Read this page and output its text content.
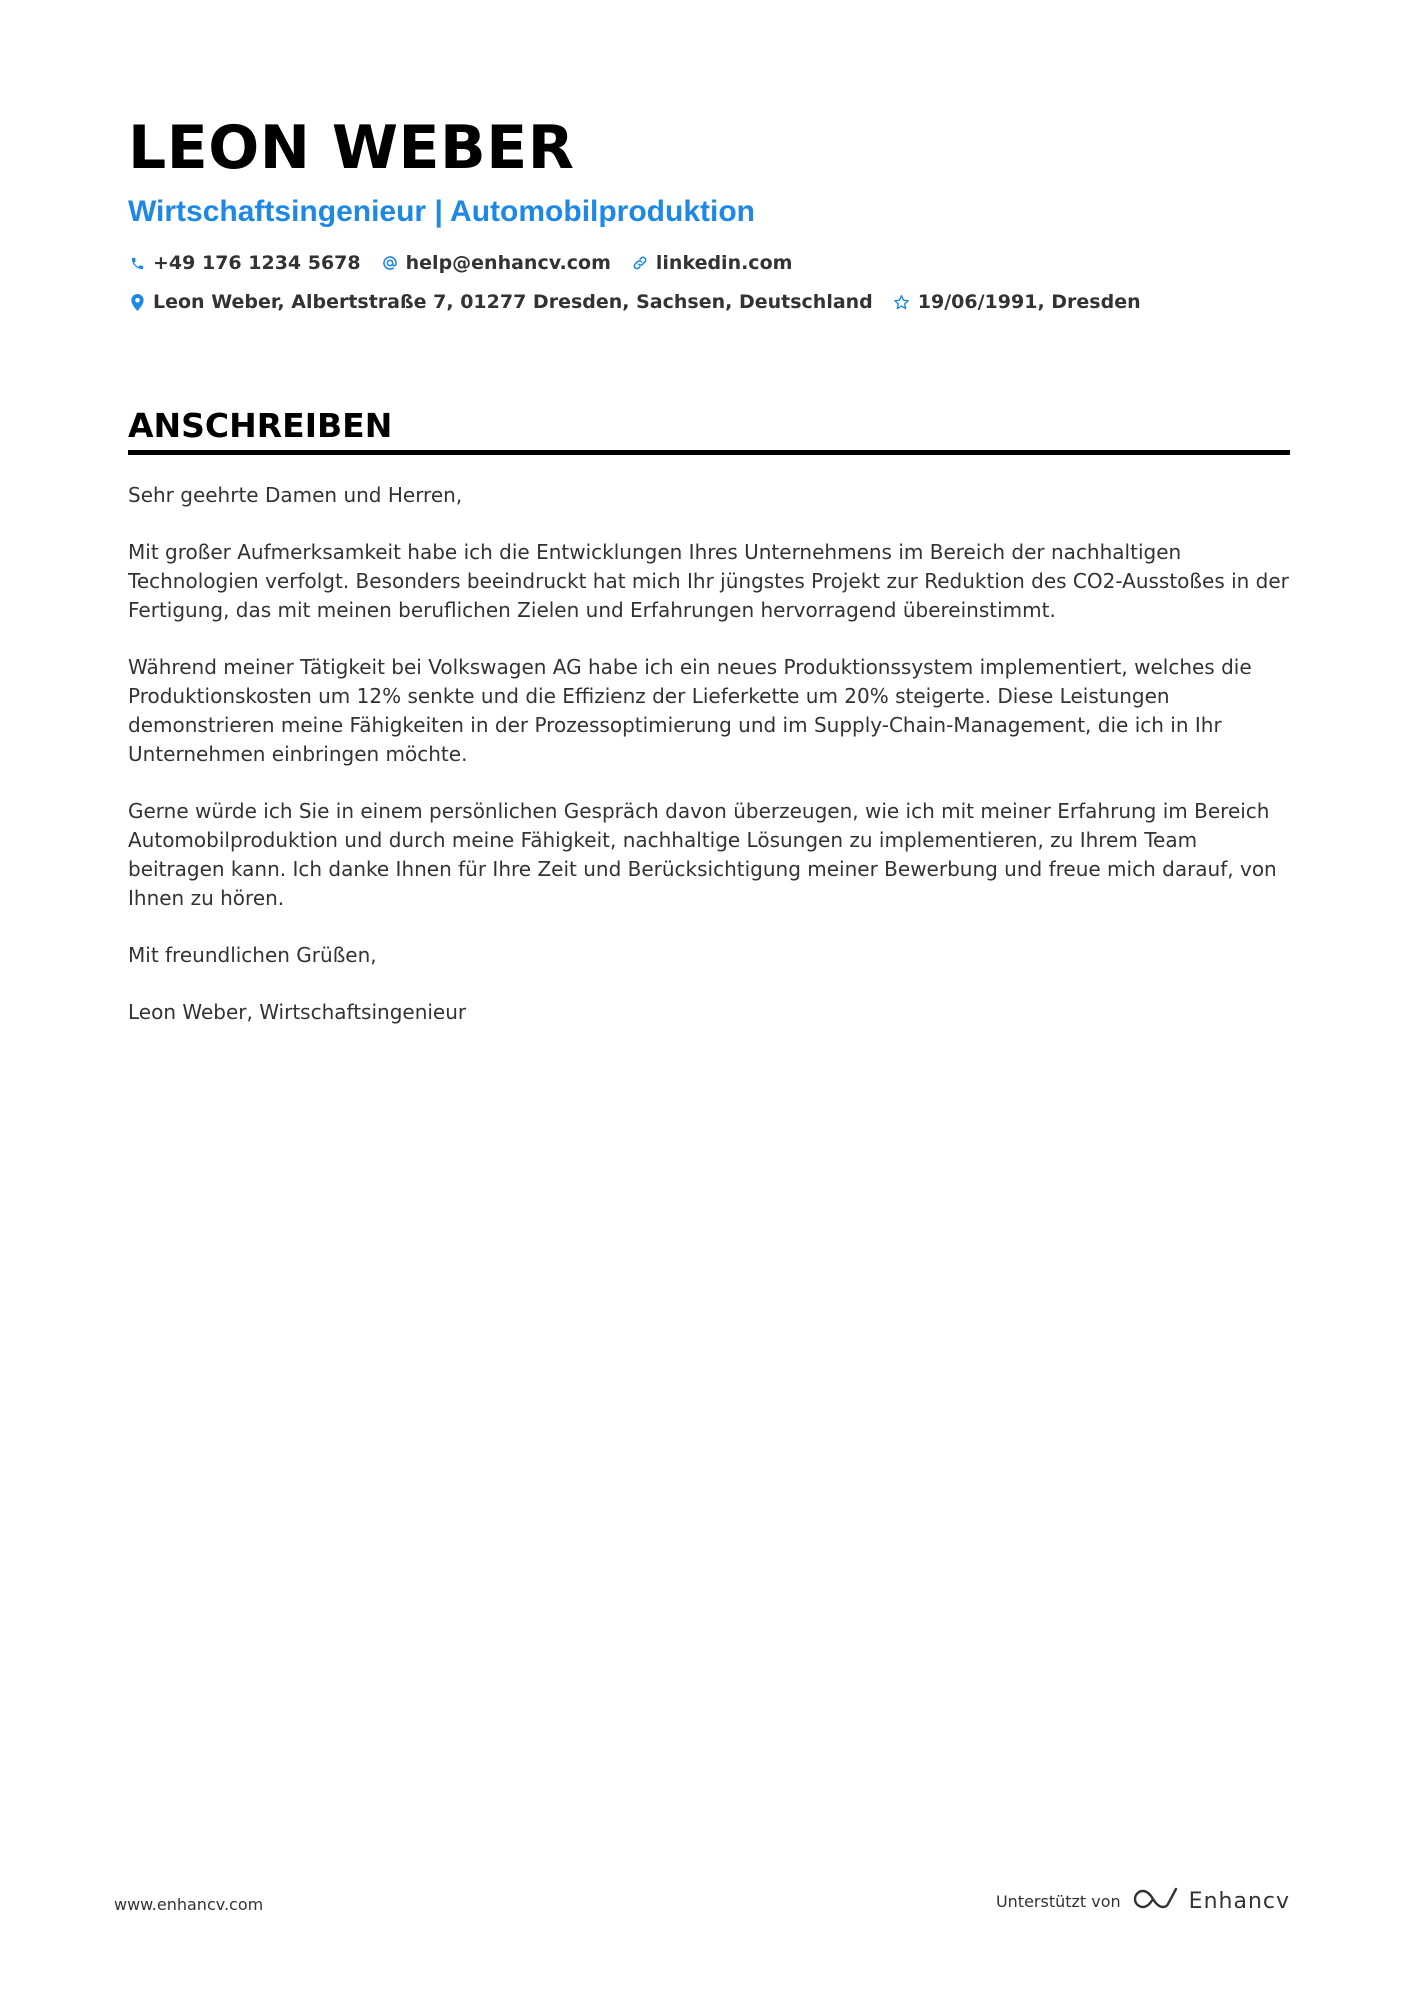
LEON WEBER
Wirtschaftsingenieur | Automobilproduktion
+49 176 1234 5678 help@enhancv.com linkedin.com
Leon Weber, Albertstraße 7, 01277 Dresden, Sachsen, Deutschland 19/06/1991, Dresden
ANSCHREIBEN

Sehr geehrte Damen und Herren,

Mit großer Aufmerksamkeit habe ich die Entwicklungen Ihres Unternehmens im Bereich der nachhaltigen Technologien verfolgt. Besonders beeindruckt hat mich Ihr jüngstes Projekt zur Reduktion des CO2-Ausstoßes in der Fertigung, das mit meinen beruflichen Zielen und Erfahrungen hervorragend übereinstimmt.

Während meiner Tätigkeit bei Volkswagen AG habe ich ein neues Produktionssystem implementiert, welches die Produktionskosten um 12% senkte und die Effizienz der Lieferkette um 20% steigerte. Diese Leistungen demonstrieren meine Fähigkeiten in der Prozessoptimierung und im Supply-Chain-Management, die ich in Ihr Unternehmen einbringen möchte.

Gerne würde ich Sie in einem persönlichen Gespräch davon überzeugen, wie ich mit meiner Erfahrung im Bereich Automobilproduktion und durch meine Fähigkeit, nachhaltige Lösungen zu implementieren, zu Ihrem Team beitragen kann. Ich danke Ihnen für Ihre Zeit und Berücksichtigung meiner Bewerbung und freue mich darauf, von Ihnen zu hören.

Mit freundlichen Grüßen,

Leon Weber, Wirtschaftsingenieur

www.enhancv.com	Unterstützt von	Enhancv
